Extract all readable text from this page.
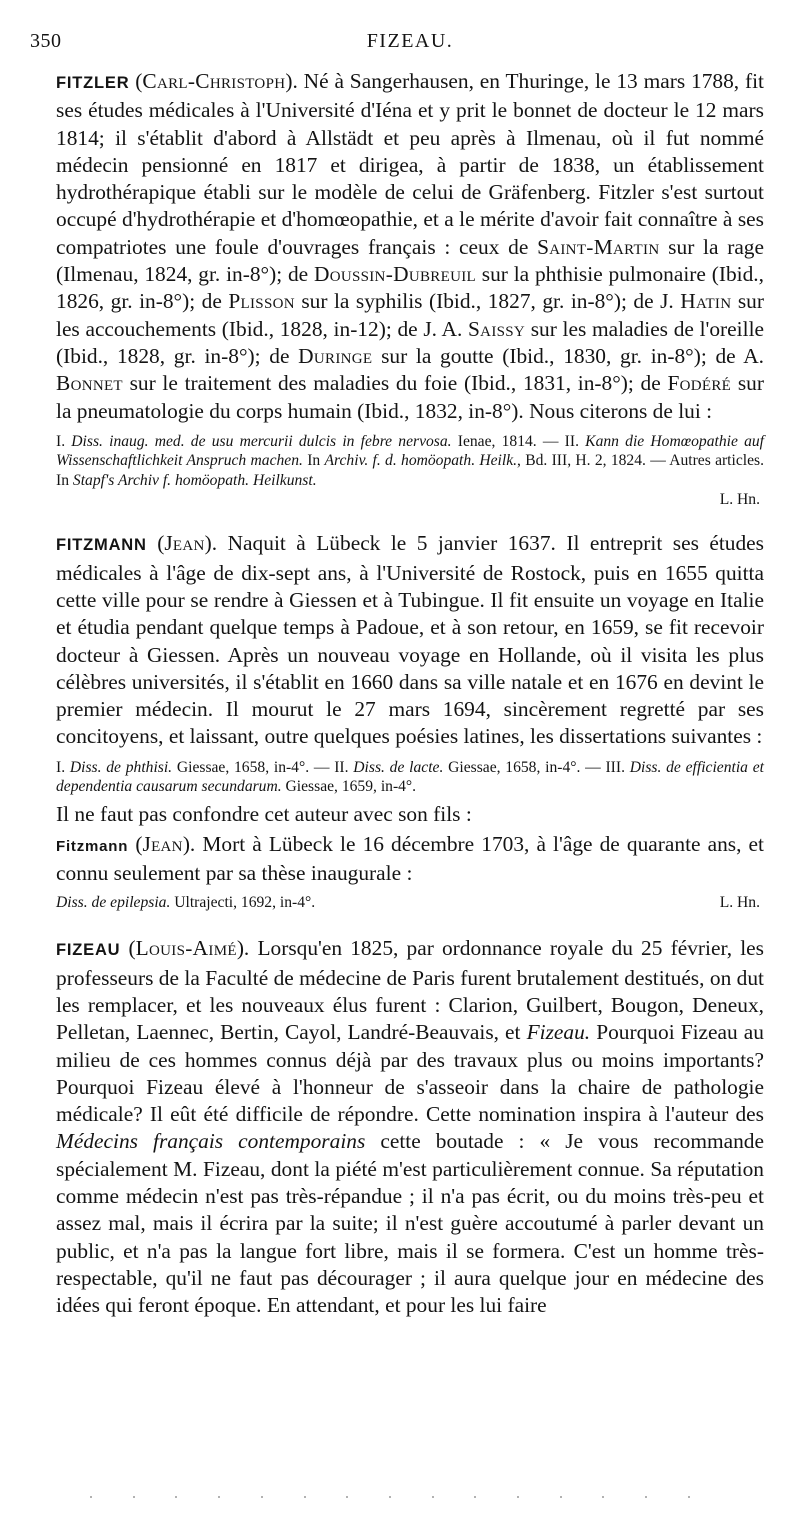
350	FIZEAU.

FITZLER (Carl-Christoph). Né à Sangerhausen, en Thuringe, le 13 mars 1788, fit ses études médicales à l'Université d'Iéna et y prit le bonnet de docteur le 12 mars 1814; il s'établit d'abord à Allstädt et peu après à Ilmenau, où il fut nommé médecin pensionné en 1817 et dirigea, à partir de 1838, un établissement hydrothérapique établi sur le modèle de celui de Gräfenberg. Fitzler s'est surtout occupé d'hydrothérapie et d'homœopathie, et a le mérite d'avoir fait connaître à ses compatriotes une foule d'ouvrages français : ceux de Saint-Martin sur la rage (Ilmenau, 1824, gr. in-8°); de Doussin-Dubreuil sur la phthisie pulmonaire (Ibid., 1826, gr. in-8°); de Plisson sur la syphilis (Ibid., 1827, gr. in-8°); de J. Hatin sur les accouchements (Ibid., 1828, in-12); de J. A. Saissy sur les maladies de l'oreille (Ibid., 1828, gr. in-8°); de Duringe sur la goutte (Ibid., 1830, gr. in-8°); de A. Bonnet sur le traitement des maladies du foie (Ibid., 1831, in-8°); de Fodéré sur la pneumatologie du corps humain (Ibid., 1832, in-8°). Nous citerons de lui :

I. Diss. inaug. med. de usu mercurii dulcis in febre nervosa. Ienae, 1814. — II. Kann die Homœopathie auf Wissenschaftlichkeit Anspruch machen. In Archiv. f. d. homöopath. Heilk., Bd. III, H. 2, 1824. — Autres articles. In Stapf's Archiv f. homöopath. Heilkunst.

L. Hn.

FITZMANN (Jean). Naquit à Lübeck le 5 janvier 1637. Il entreprit ses études médicales à l'âge de dix-sept ans, à l'Université de Rostock, puis en 1655 quitta cette ville pour se rendre à Giessen et à Tubingue. Il fit ensuite un voyage en Italie et étudia pendant quelque temps à Padoue, et à son retour, en 1659, se fit recevoir docteur à Giessen. Après un nouveau voyage en Hollande, où il visita les plus célèbres universités, il s'établit en 1660 dans sa ville natale et en 1676 en devint le premier médecin. Il mourut le 27 mars 1694, sincèrement regretté par ses concitoyens, et laissant, outre quelques poésies latines, les dissertations suivantes :

I. Diss. de phthisi. Giessae, 1658, in-4°. — II. Diss. de lacte. Giessae, 1658, in-4°. — III. Diss. de efficientia et dependentia causarum secundarum. Giessae, 1659, in-4°.

Il ne faut pas confondre cet auteur avec son fils :

Fitzmann (Jean). Mort à Lübeck le 16 décembre 1703, à l'âge de quarante ans, et connu seulement par sa thèse inaugurale :

Diss. de epilepsia. Ultrajecti, 1692, in-4°.	L. Hn.

FIZEAU (Louis-Aimé). Lorsqu'en 1825, par ordonnance royale du 25 février, les professeurs de la Faculté de médecine de Paris furent brutalement destitués, on dut les remplacer, et les nouveaux élus furent : Clarion, Guilbert, Bougon, Deneux, Pelletan, Laennec, Bertin, Cayol, Landré-Beauvais, et Fizeau. Pourquoi Fizeau au milieu de ces hommes connus déjà par des travaux plus ou moins importants? Pourquoi Fizeau élevé à l'honneur de s'asseoir dans la chaire de pathologie médicale? Il eût été difficile de répondre. Cette nomination inspira à l'auteur des Médecins français contemporains cette boutade : « Je vous recommande spécialement M. Fizeau, dont la piété m'est particulièrement connue. Sa réputation comme médecin n'est pas très-répandue ; il n'a pas écrit, ou du moins très-peu et assez mal, mais il écrira par la suite; il n'est guère accoutumé à parler devant un public, et n'a pas la langue fort libre, mais il se formera. C'est un homme très-respectable, qu'il ne faut pas décourager ; il aura quelque jour en médecine des idées qui feront époque. En attendant, et pour les lui faire
